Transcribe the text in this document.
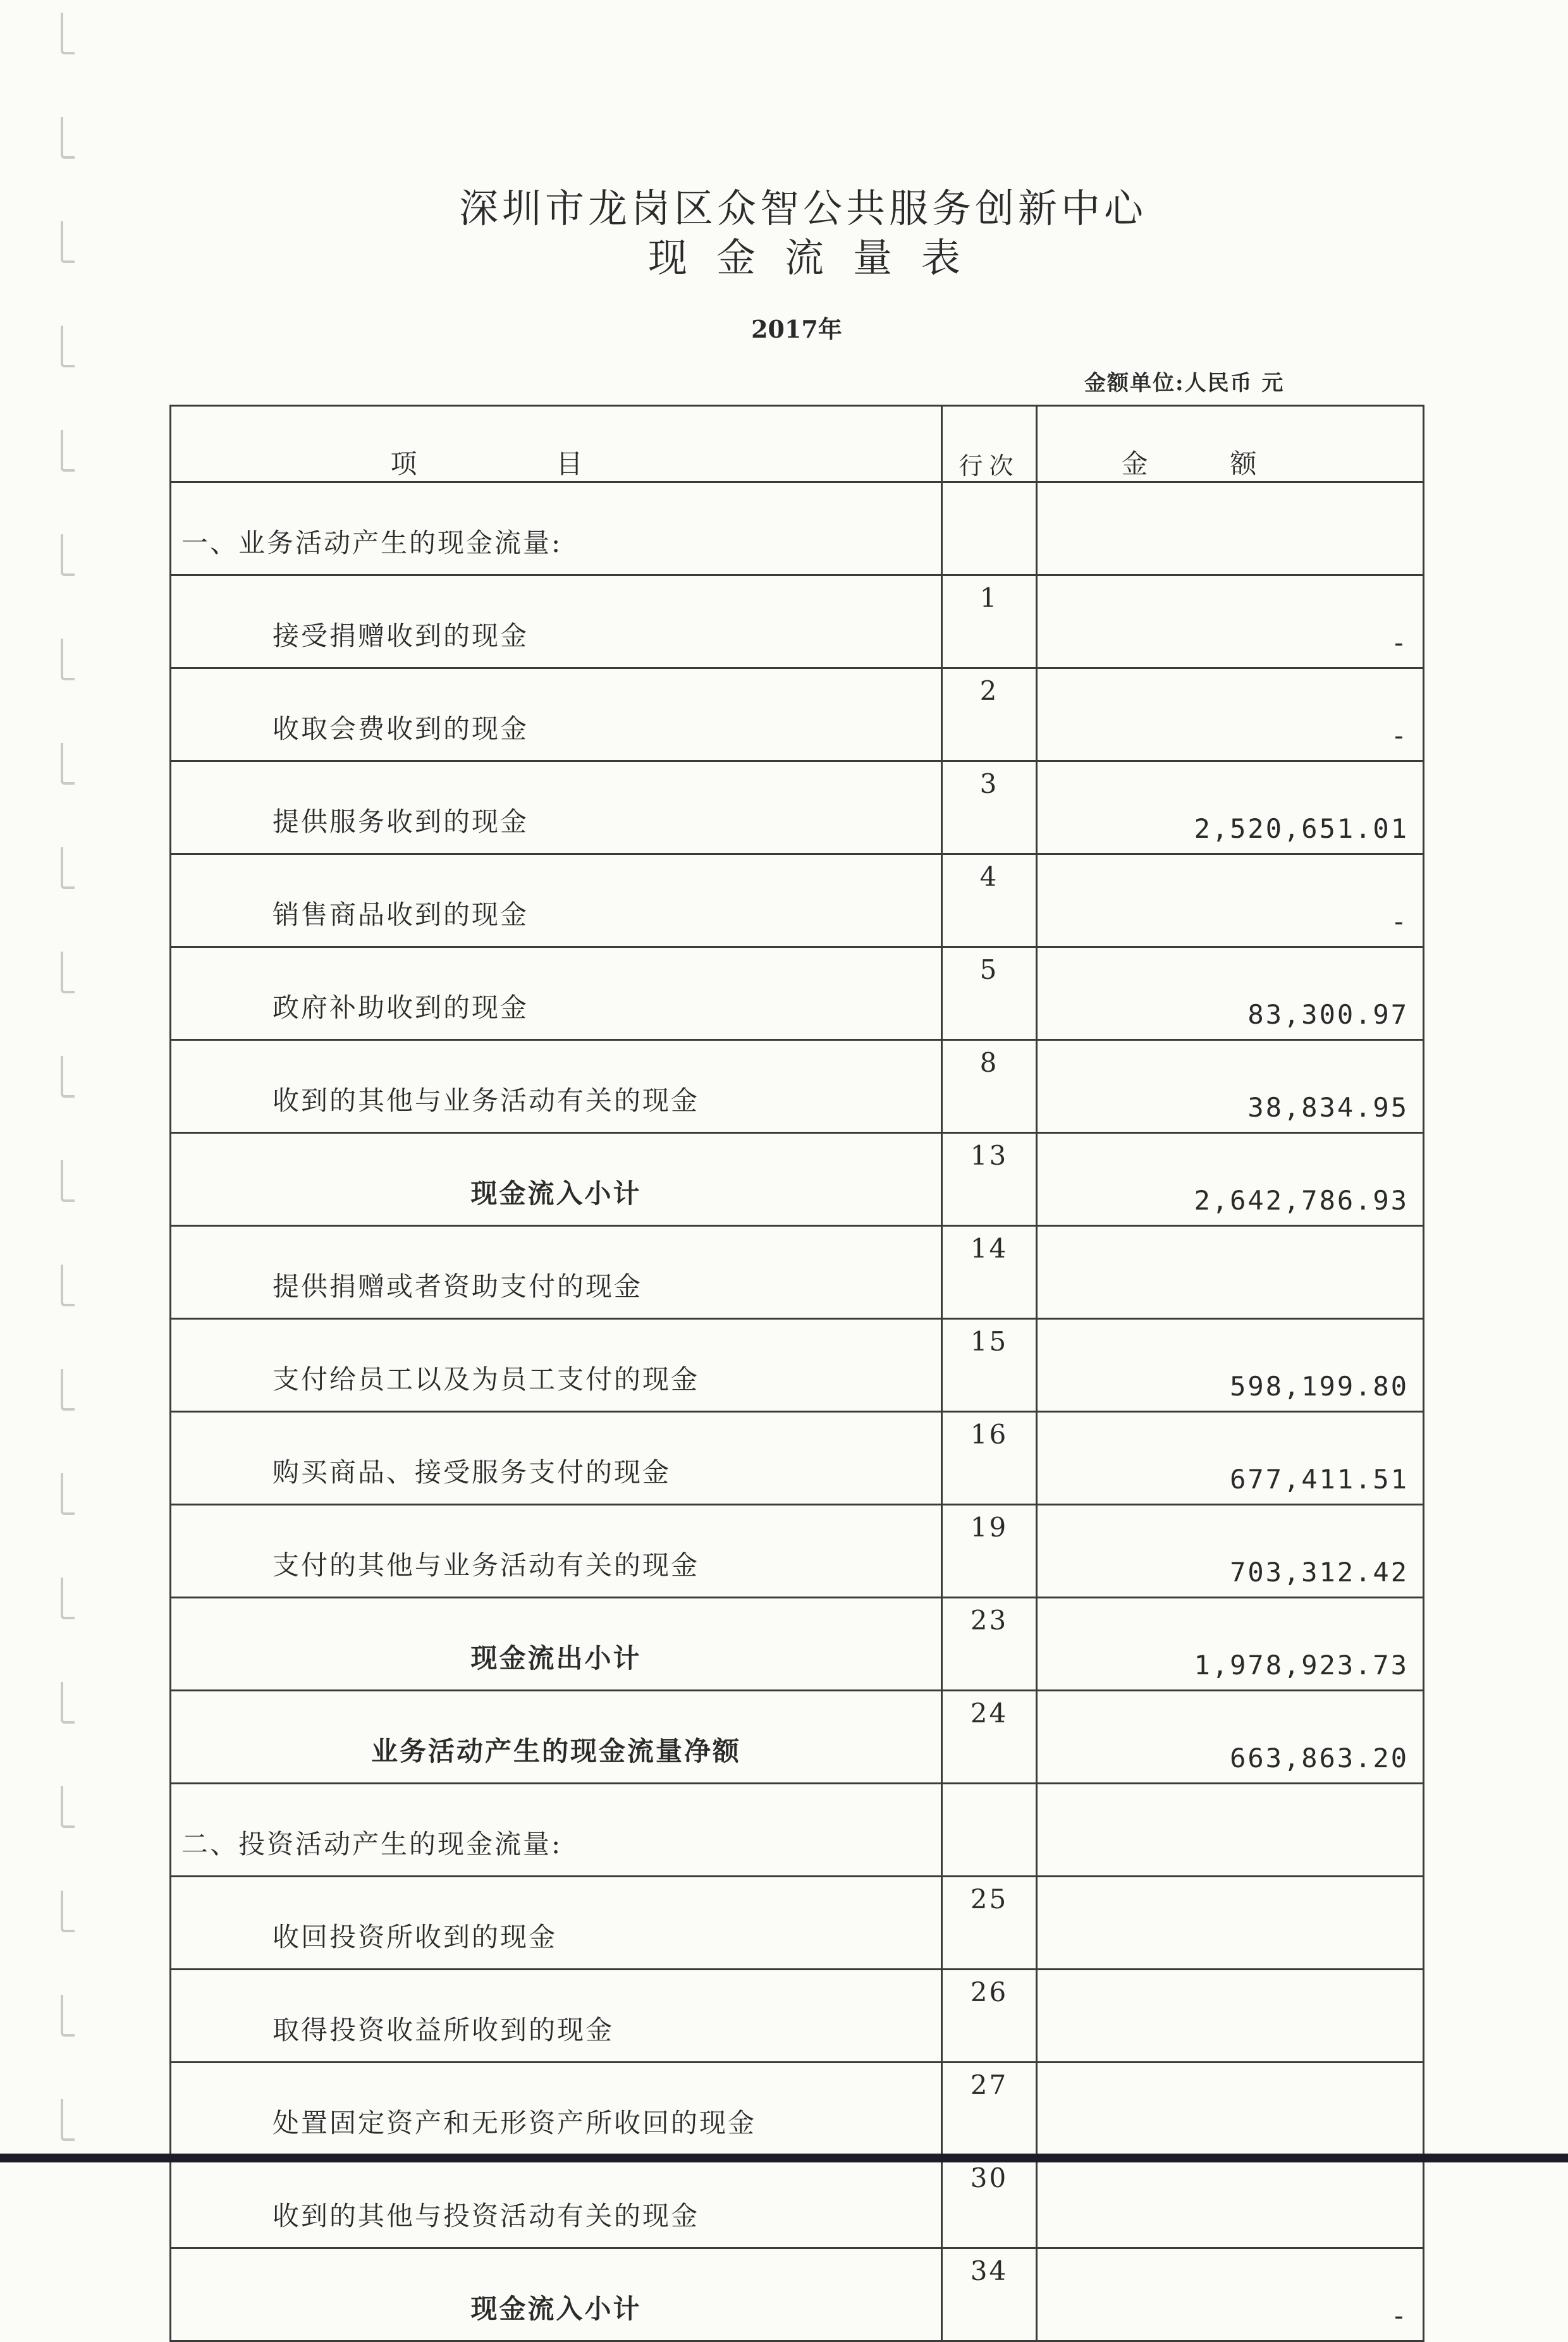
深圳市龙岗区众智公共服务创新中心
现金流量表
2017年
金额单位:人民币 元
项目	行次	金额
一、业务活动产生的现金流量:		
接受捐赠收到的现金	1	-
收取会费收到的现金	2	-
提供服务收到的现金	3	2,520,651.01
销售商品收到的现金	4	-
政府补助收到的现金	5	83,300.97
收到的其他与业务活动有关的现金	8	38,834.95
现金流入小计	13	2,642,786.93
提供捐赠或者资助支付的现金	14	
支付给员工以及为员工支付的现金	15	598,199.80
购买商品、接受服务支付的现金	16	677,411.51
支付的其他与业务活动有关的现金	19	703,312.42
现金流出小计	23	1,978,923.73
业务活动产生的现金流量净额	24	663,863.20
二、投资活动产生的现金流量:		
收回投资所收到的现金	25	
取得投资收益所收到的现金	26	
处置固定资产和无形资产所收回的现金	27	
收到的其他与投资活动有关的现金	30	
现金流入小计	34	-
